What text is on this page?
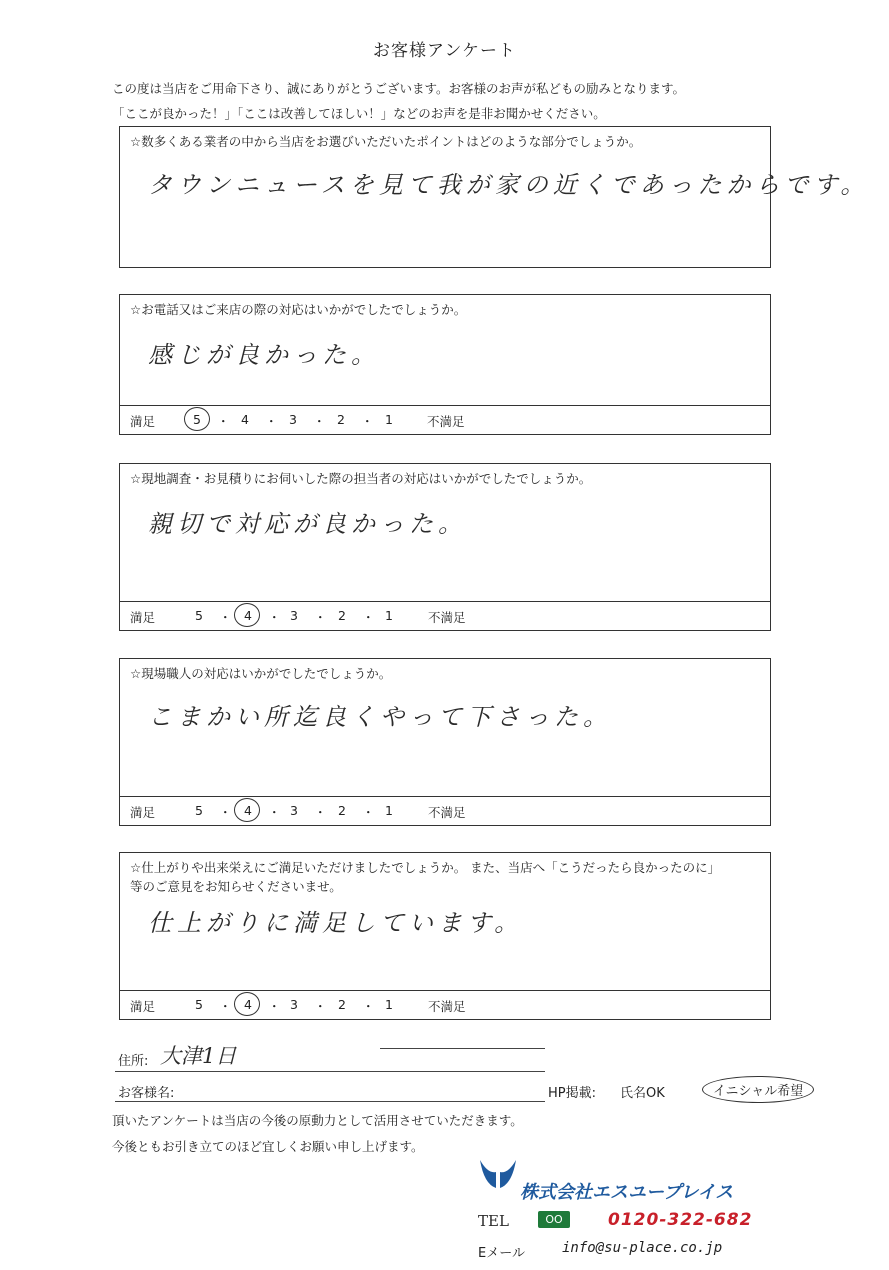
お客様アンケート
この度は当店をご用命下さり、誠にありがとうございます。お客様のお声が私どもの励みとなります。
「ここが良かった！」「ここは改善してほしい！」などのお声を是非お聞かせください。
☆数多くある業者の中から当店をお選びいただいたポイントはどのような部分でしょうか。
タウンニュースを見て我が家の近くであったからです。
☆お電話又はご来店の際の対応はいかがでしたでしょうか。
感じが良かった。
満足	5 ・ 4 ・ 3 ・ 2 ・ 1	不満足
☆現地調査・お見積りにお伺いした際の担当者の対応はいかがでしたでしょうか。
親切で対応が良かった。
満足	5 ・ 4 ・ 3 ・ 2 ・ 1	不満足
☆現場職人の対応はいかがでしたでしょうか。
こまかい所迄良くやって下さった。
満足	5 ・ 4 ・ 3 ・ 2 ・ 1	不満足
☆仕上がりや出来栄えにご満足いただけましたでしょうか。 また、当店へ「こうだったら良かったのに」
等のご意見をお知らせくださいませ。
仕上がりに満足しています。
満足	5 ・ 4 ・ 3 ・ 2 ・ 1	不満足
住所: 大津1日
お客様名:	HP掲載: 氏名OK	イニシャル希望
頂いたアンケートは当店の今後の原動力として活用させていただきます。
今後ともお引き立てのほど宜しくお願い申し上げます。
株式会社エスユープレイス
TEL	OO	0120-322-682
Eメール	info@su-place.co.jp
